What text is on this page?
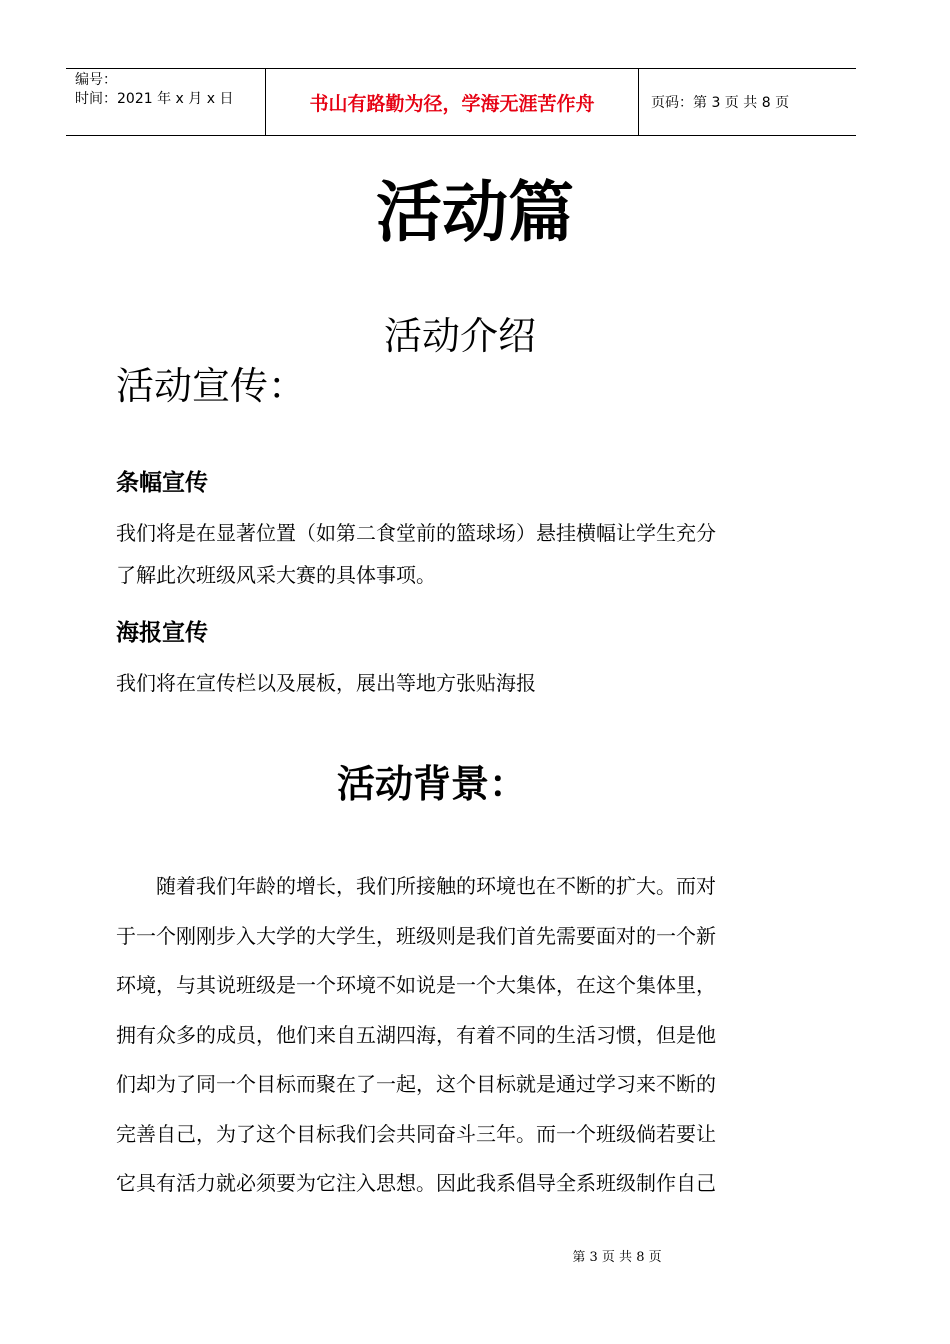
编号：
时间：2021 年 x 月 x 日	书山有路勤为径，学海无涯苦作舟	页码：第 3 页 共 8 页
活动篇
活动介绍
活动宣传：
条幅宣传

我们将是在显著位置（如第二食堂前的篮球场）悬挂横幅让学生充分

了解此次班级风采大赛的具体事项。

海报宣传

我们将在宣传栏以及展板，展出等地方张贴海报

活动背景：

　　随着我们年龄的增长，我们所接触的环境也在不断的扩大。而对

于一个刚刚步入大学的大学生，班级则是我们首先需要面对的一个新

环境，与其说班级是一个环境不如说是一个大集体，在这个集体里，

拥有众多的成员，他们来自五湖四海，有着不同的生活习惯，但是他

们却为了同一个目标而聚在了一起，这个目标就是通过学习来不断的

完善自己，为了这个目标我们会共同奋斗三年。而一个班级倘若要让

它具有活力就必须要为它注入思想。因此我系倡导全系班级制作自己

第 3 页 共 8 页
